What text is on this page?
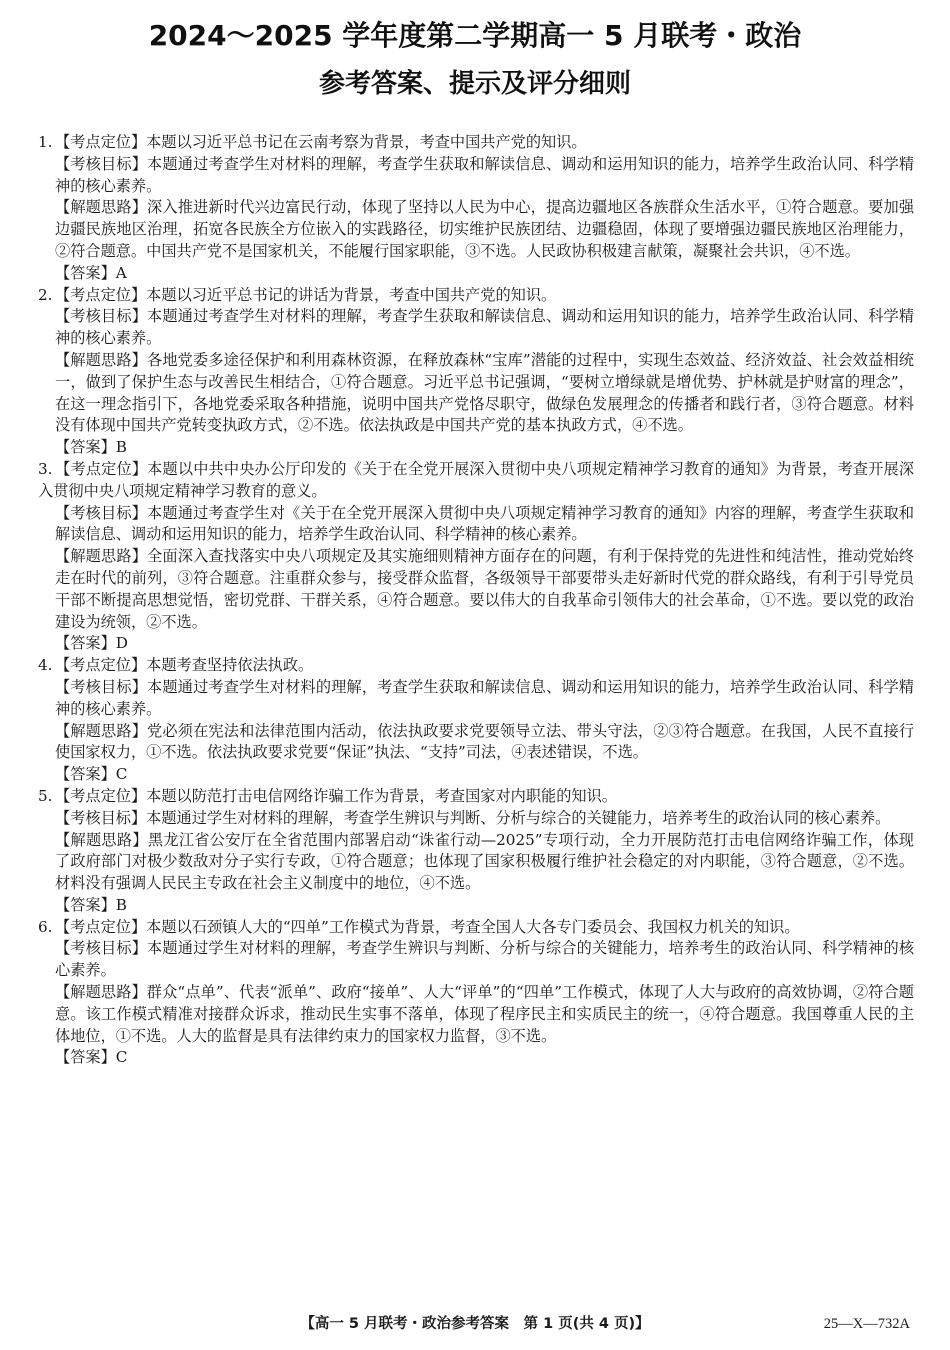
2024～2025 学年度第二学期高一 5 月联考・政治
参考答案、提示及评分细则

1. 【考点定位】本题以习近平总书记在云南考察为背景，考查中国共产党的知识。

【考核目标】本题通过考查学生对材料的理解，考查学生获取和解读信息、调动和运用知识的能力，培养学生政治认同、科学精神的核心素养。

【解题思路】深入推进新时代兴边富民行动，体现了坚持以人民为中心，提高边疆地区各族群众生活水平，①符合题意。要加强边疆民族地区治理，拓宽各民族全方位嵌入的实践路径，切实维护民族团结、边疆稳固，体现了要增强边疆民族地区治理能力，②符合题意。中国共产党不是国家机关，不能履行国家职能，③不选。人民政协积极建言献策，凝聚社会共识，④不选。

【答案】A

2. 【考点定位】本题以习近平总书记的讲话为背景，考查中国共产党的知识。

【考核目标】本题通过考查学生对材料的理解，考查学生获取和解读信息、调动和运用知识的能力，培养学生政治认同、科学精神的核心素养。

【解题思路】各地党委多途径保护和利用森林资源，在释放森林“宝库”潜能的过程中，实现生态效益、经济效益、社会效益相统一，做到了保护生态与改善民生相结合，①符合题意。习近平总书记强调，“要树立增绿就是增优势、护林就是护财富的理念”，在这一理念指引下，各地党委采取各种措施，说明中国共产党恪尽职守，做绿色发展理念的传播者和践行者，③符合题意。材料没有体现中国共产党转变执政方式，②不选。依法执政是中国共产党的基本执政方式，④不选。

【答案】B

3. 【考点定位】本题以中共中央办公厅印发的《关于在全党开展深入贯彻中央八项规定精神学习教育的通知》为背景，考查开展深入贯彻中央八项规定精神学习教育的意义。

【考核目标】本题通过考查学生对《关于在全党开展深入贯彻中央八项规定精神学习教育的通知》内容的理解，考查学生获取和解读信息、调动和运用知识的能力，培养学生政治认同、科学精神的核心素养。

【解题思路】全面深入查找落实中央八项规定及其实施细则精神方面存在的问题，有利于保持党的先进性和纯洁性，推动党始终走在时代的前列，③符合题意。注重群众参与，接受群众监督，各级领导干部要带头走好新时代党的群众路线，有利于引导党员干部不断提高思想觉悟，密切党群、干群关系，④符合题意。要以伟大的自我革命引领伟大的社会革命，①不选。要以党的政治建设为统领，②不选。

【答案】D

4. 【考点定位】本题考查坚持依法执政。

【考核目标】本题通过考查学生对材料的理解，考查学生获取和解读信息、调动和运用知识的能力，培养学生政治认同、科学精神的核心素养。

【解题思路】党必须在宪法和法律范围内活动，依法执政要求党要领导立法、带头守法，②③符合题意。在我国，人民不直接行使国家权力，①不选。依法执政要求党要“保证”执法、“支持”司法，④表述错误，不选。

【答案】C

5. 【考点定位】本题以防范打击电信网络诈骗工作为背景，考查国家对内职能的知识。

【考核目标】本题通过学生对材料的理解，考查学生辨识与判断、分析与综合的关键能力，培养考生的政治认同的核心素养。

【解题思路】黑龙江省公安厅在全省范围内部署启动“诛雀行动—2025”专项行动，全力开展防范打击电信网络诈骗工作，体现了政府部门对极少数敌对分子实行专政，①符合题意；也体现了国家积极履行维护社会稳定的对内职能，③符合题意，②不选。材料没有强调人民民主专政在社会主义制度中的地位，④不选。

【答案】B

6. 【考点定位】本题以石颈镇人大的“四单”工作模式为背景，考查全国人大各专门委员会、我国权力机关的知识。

【考核目标】本题通过学生对材料的理解，考查学生辨识与判断、分析与综合的关键能力，培养考生的政治认同、科学精神的核心素养。

【解题思路】群众“点单”、代表“派单”、政府“接单”、人大“评单”的“四单”工作模式，体现了人大与政府的高效协调，②符合题意。该工作模式精准对接群众诉求，推动民生实事不落单，体现了程序民主和实质民主的统一，④符合题意。我国尊重人民的主体地位，①不选。人大的监督是具有法律约束力的国家权力监督，③不选。

【答案】C

【高一 5 月联考・政治参考答案　第 1 页(共 4 页)】	25—X—732A
